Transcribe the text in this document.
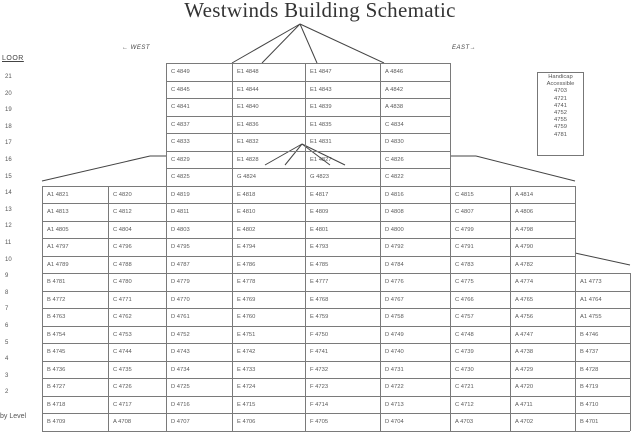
Westwinds Building Schematic
LOOR
← WEST	EAST→
C 4849	E1 4848	E1 4847	A 4846
C 4845	E1 4844	E1 4843	A 4842
C 4841	E1 4840	E1 4839	A 4838
C 4837	E1 4836	E1 4835	C 4834
C 4833	E1 4832	E1 4831	D 4830
C 4829	E1 4828	E1 4827	C 4826
C 4825	G 4824	G 4823	C 4822
A1 4821	C 4820	D 4819	E 4818	E 4817	D 4816	C 4815	A 4814
A1 4813	C 4812	D 4811	E 4810	E 4809	D 4808	C 4807	A 4806
A1 4805	C 4804	D 4803	E 4802	E 4801	D 4800	C 4799	A 4798
A1 4797	C 4796	D 4795	E 4794	E 4793	D 4792	C 4791	A 4790
A1 4789	C 4788	D 4787	E 4786	E 4785	D 4784	C 4783	A 4782
B 4781	C 4780	D 4779	E 4778	E 4777	D 4776	C 4775	A 4774	A1 4773
B 4772	C 4771	D 4770	E 4769	E 4768	D 4767	C 4766	A 4765	A1 4764
B 4763	C 4762	D 4761	E 4760	E 4759	D 4758	C 4757	A 4756	A1 4755
B 4754	C 4753	D 4752	E 4751	F 4750	D 4749	C 4748	A 4747	B 4746
B 4745	C 4744	D 4743	E 4742	F 4741	D 4740	C 4739	A 4738	B 4737
B 4736	C 4735	D 4734	E 4733	F 4732	D 4731	C 4730	A 4729	B 4728
B 4727	C 4726	D 4725	E 4724	F 4723	D 4722	C 4721	A 4720	B 4719
B 4718	C 4717	D 4716	E 4715	F 4714	D 4713	C 4712	A 4711	B 4710
B 4709	A 4708	D 4707	E 4706	F 4705	D 4704	A 4703	A 4702	B 4701
21
20
19
18
17
16
15
14
13
12
11
10
9
8
7
6
5
4
3
2
by Level
Handicap Accessible
4703
4721
4741
4752
4755
4759
4781
